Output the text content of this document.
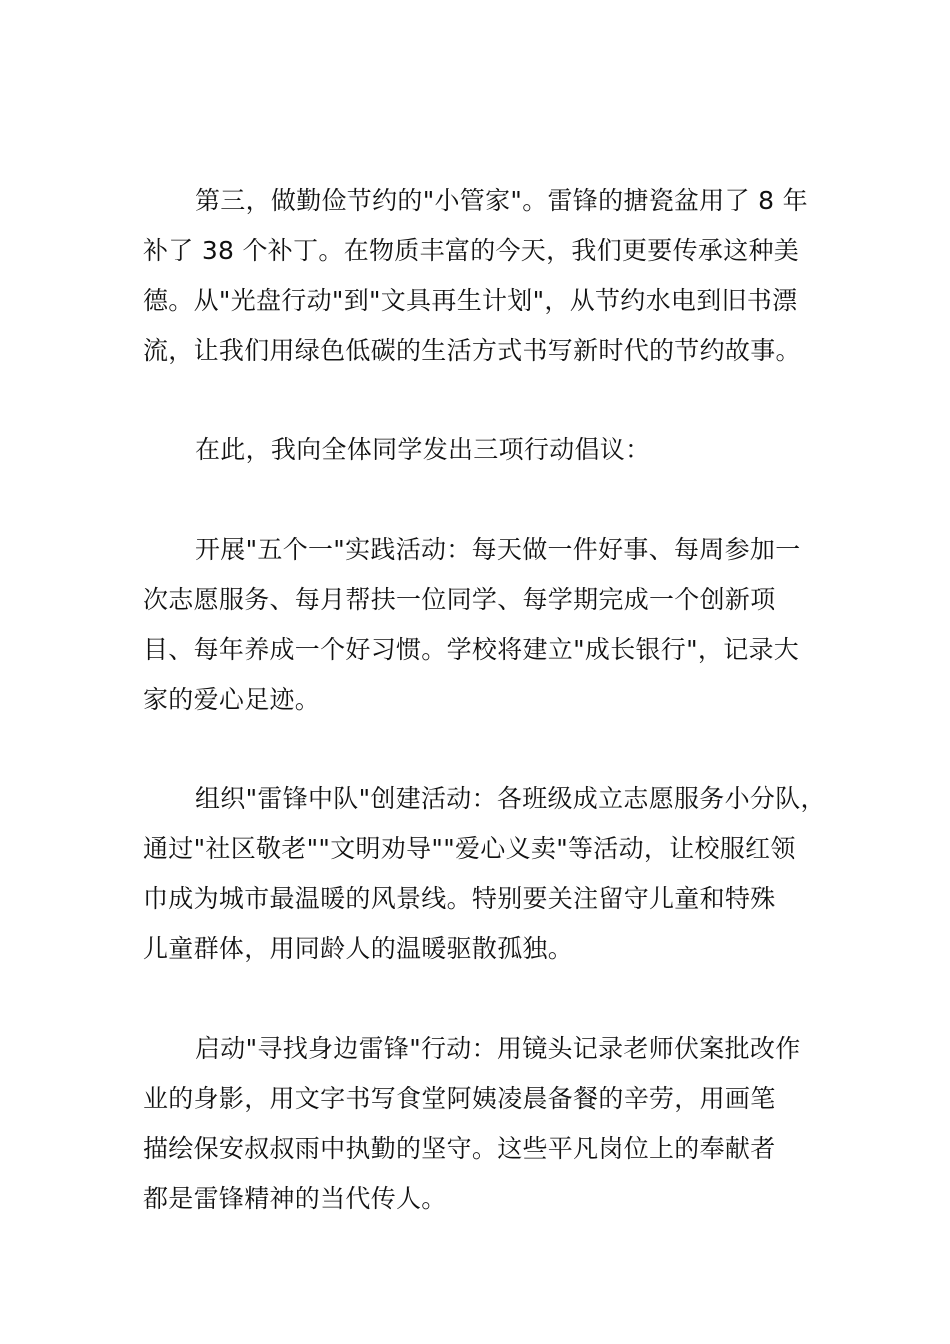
第三，做勤俭节约的"小管家"。雷锋的搪瓷盆用了 8 年
补了 38 个补丁。在物质丰富的今天，我们更要传承这种美
德。从"光盘行动"到"文具再生计划"，从节约水电到旧书漂
流，让我们用绿色低碳的生活方式书写新时代的节约故事。
在此，我向全体同学发出三项行动倡议：
开展"五个一"实践活动：每天做一件好事、每周参加一
次志愿服务、每月帮扶一位同学、每学期完成一个创新项
目、每年养成一个好习惯。学校将建立"成长银行"，记录大
家的爱心足迹。
组织"雷锋中队"创建活动：各班级成立志愿服务小分队，
通过"社区敬老""文明劝导""爱心义卖"等活动，让校服红领
巾成为城市最温暖的风景线。特别要关注留守儿童和特殊
儿童群体，用同龄人的温暖驱散孤独。
启动"寻找身边雷锋"行动：用镜头记录老师伏案批改作
业的身影，用文字书写食堂阿姨凌晨备餐的辛劳，用画笔
描绘保安叔叔雨中执勤的坚守。这些平凡岗位上的奉献者
都是雷锋精神的当代传人。
